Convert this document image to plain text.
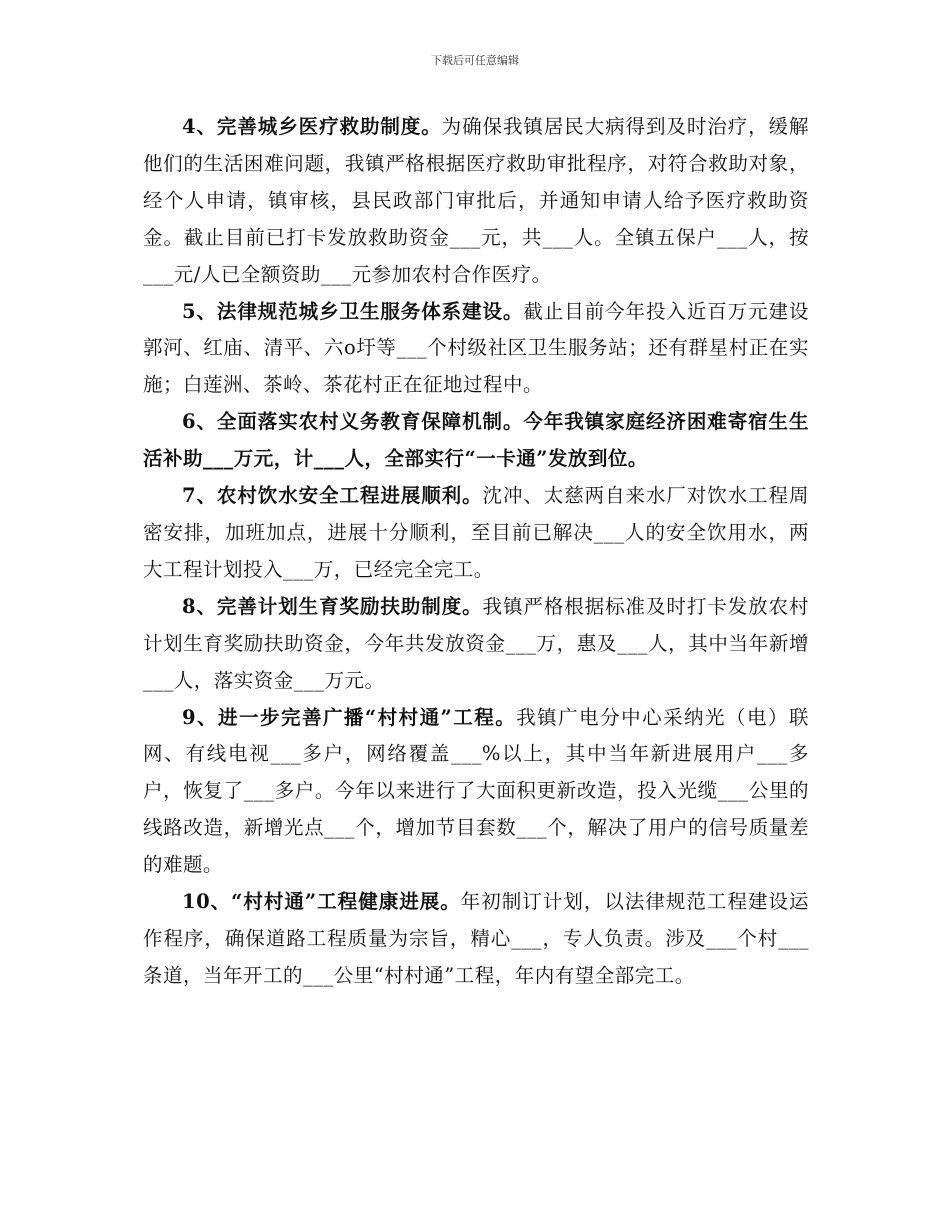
下载后可任意编辑

4、完善城乡医疗救助制度。为确保我镇居民大病得到及时治疗，缓解他们的生活困难问题，我镇严格根据医疗救助审批程序，对符合救助对象，经个人申请，镇审核，县民政部门审批后，并通知申请人给予医疗救助资金。截止目前已打卡发放救助资金___元，共___人。全镇五保户___人，按___元/人已全额资助___元参加农村合作医疗。

5、法律规范城乡卫生服务体系建设。截止目前今年投入近百万元建设郭河、红庙、清平、六o圩等___个村级社区卫生服务站；还有群星村正在实施；白莲洲、茶岭、茶花村正在征地过程中。

6、全面落实农村义务教育保障机制。今年我镇家庭经济困难寄宿生生活补助___万元，计___人，全部实行“一卡通”发放到位。

7、农村饮水安全工程进展顺利。沈冲、太慈两自来水厂对饮水工程周密安排，加班加点，进展十分顺利，至目前已解决___人的安全饮用水，两大工程计划投入___万，已经完全完工。

8、完善计划生育奖励扶助制度。我镇严格根据标准及时打卡发放农村计划生育奖励扶助资金，今年共发放资金___万，惠及___人，其中当年新增___人，落实资金___万元。

9、进一步完善广播“村村通”工程。我镇广电分中心采纳光（电）联网、有线电视___多户，网络覆盖___%以上，其中当年新进展用户___多户，恢复了___多户。今年以来进行了大面积更新改造，投入光缆___公里的线路改造，新增光点___个，增加节目套数___个，解决了用户的信号质量差的难题。

10、“村村通”工程健康进展。年初制订计划，以法律规范工程建设运作程序，确保道路工程质量为宗旨，精心___，专人负责。涉及___个村___条道，当年开工的___公里“村村通”工程，年内有望全部完工。
